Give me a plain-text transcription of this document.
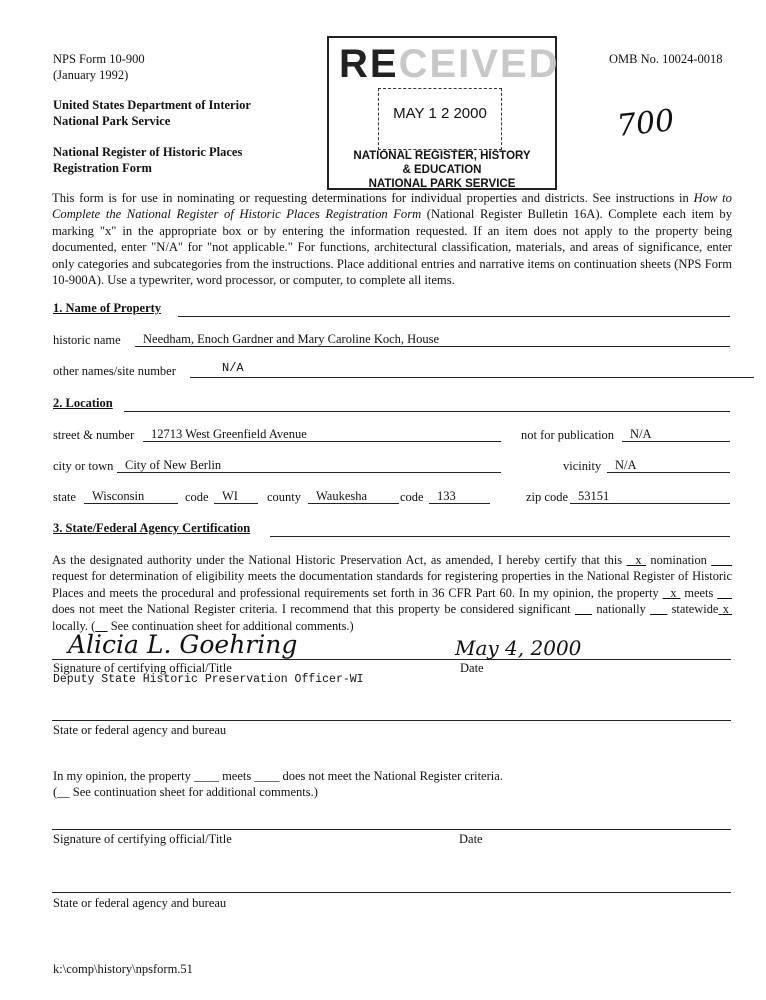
NPS Form 10-900
(January 1992)
United States Department of Interior
National Park Service
National Register of Historic Places
Registration Form
OMB No. 10024-0018
700
RECEIVED
MAY 1 2 2000
NATIONAL REGISTER, HISTORY
& EDUCATION
NATIONAL PARK SERVICE
This form is for use in nominating or requesting determinations for individual properties and districts. See instructions in How to Complete the National Register of Historic Places Registration Form (National Register Bulletin 16A). Complete each item by marking "x" in the appropriate box or by entering the information requested. If an item does not apply to the property being documented, enter "N/A" for "not applicable." For functions, architectural classification, materials, and areas of significance, enter only categories and subcategories from the instructions. Place additional entries and narrative items on continuation sheets (NPS Form 10-900A). Use a typewriter, word processor, or computer, to complete all items.
1. Name of Property
historic name	Needham, Enoch Gardner and Mary Caroline Koch, House
other names/site number	N/A
2. Location
street & number	12713 West Greenfield Avenue	not for publication	N/A
city or town City of New Berlin	vicinity	N/A
state	Wisconsin	code	WI	county	Waukesha	code	133	zip code 53151
3. State/Federal Agency Certification
As the designated authority under the National Historic Preservation Act, as amended, I hereby certify that this   x  nomination       request for determination of eligibility meets the documentation standards for registering properties in the National Register of Historic Places and meets the procedural and professional requirements set forth in 36 CFR Part 60. In my opinion, the property   x  meets      does not meet the National Register criteria. I recommend that this property be considered significant      nationally      statewide x  locally. (     See continuation sheet for additional comments.)
Alicia L. Goehring	May 4, 2000
Signature of certifying official/Title	Date
Deputy State Historic Preservation Officer-WI
State or federal agency and bureau
In my opinion, the property ____ meets ____ does not meet the National Register criteria.
(__ See continuation sheet for additional comments.)
Signature of certifying official/Title	Date
State or federal agency and bureau
k:\comp\history\npsform.51
